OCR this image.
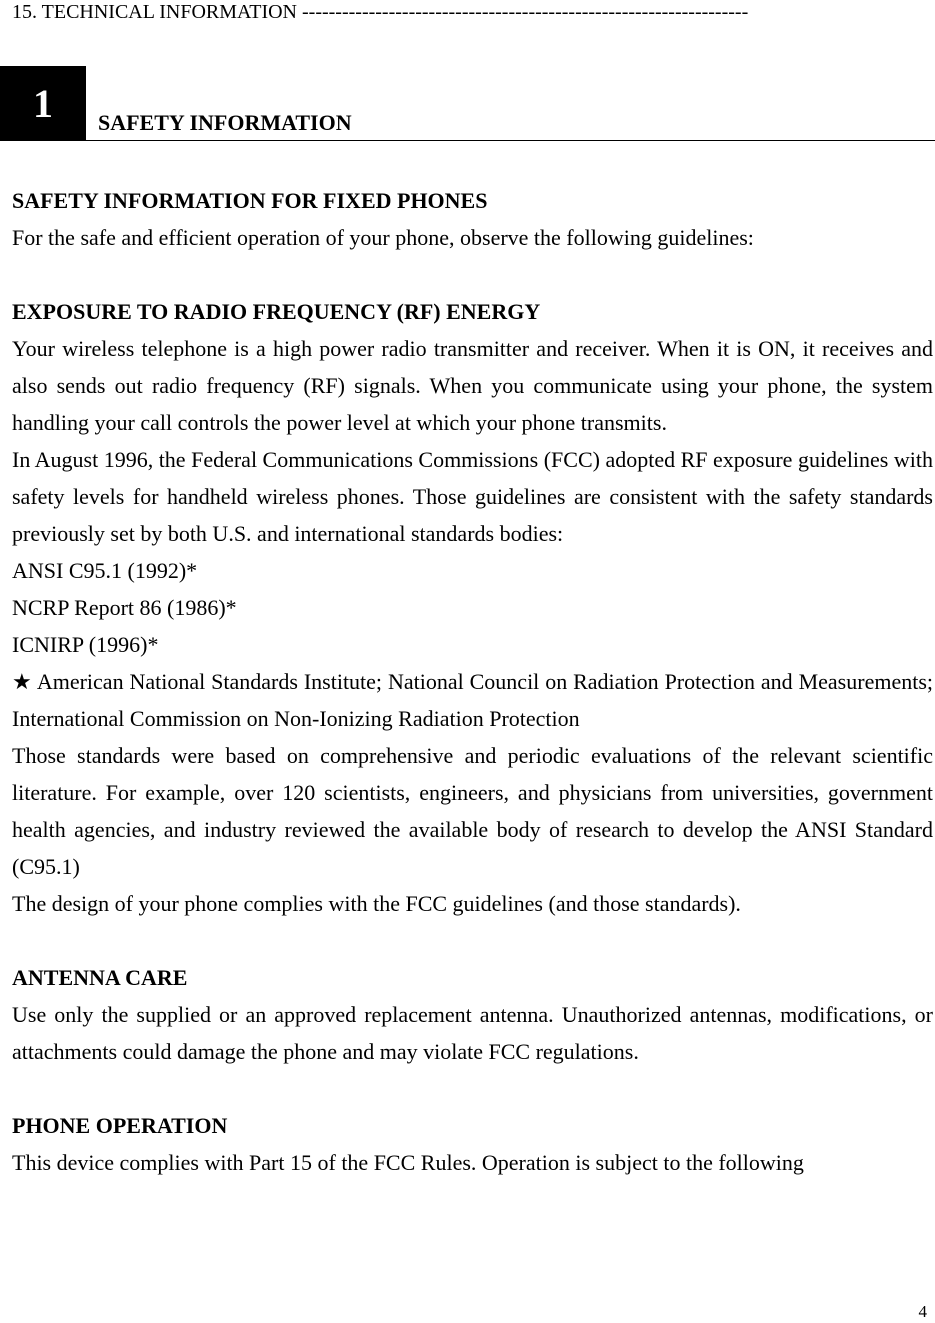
15. TECHNICAL INFORMATION -------------------------------------------------------------------
1	SAFETY INFORMATION

SAFETY INFORMATION FOR FIXED PHONES

For the safe and efficient operation of your phone, observe the following guidelines:

EXPOSURE TO RADIO FREQUENCY (RF) ENERGY

Your wireless telephone is a high power radio transmitter and receiver. When it is ON, it receives and also sends out radio frequency (RF) signals. When you communicate using your phone, the system handling your call controls the power level at which your phone transmits.

In August 1996, the Federal Communications Commissions (FCC) adopted RF exposure guidelines with safety levels for handheld wireless phones. Those guidelines are consistent with the safety standards previously set by both U.S. and international standards bodies:

ANSI C95.1 (1992)*

NCRP Report 86 (1986)*

ICNIRP (1996)*

★ American National Standards Institute; National Council on Radiation Protection and Measurements; International Commission on Non-Ionizing Radiation Protection

Those standards were based on comprehensive and periodic evaluations of the relevant scientific literature. For example, over 120 scientists, engineers, and physicians from universities, government health agencies, and industry reviewed the available body of research to develop the ANSI Standard (C95.1)

The design of your phone complies with the FCC guidelines (and those standards).

ANTENNA CARE

Use only the supplied or an approved replacement antenna. Unauthorized antennas, modifications, or attachments could damage the phone and may violate FCC regulations.

PHONE OPERATION

This device complies with Part 15 of the FCC Rules. Operation is subject to the following

4
